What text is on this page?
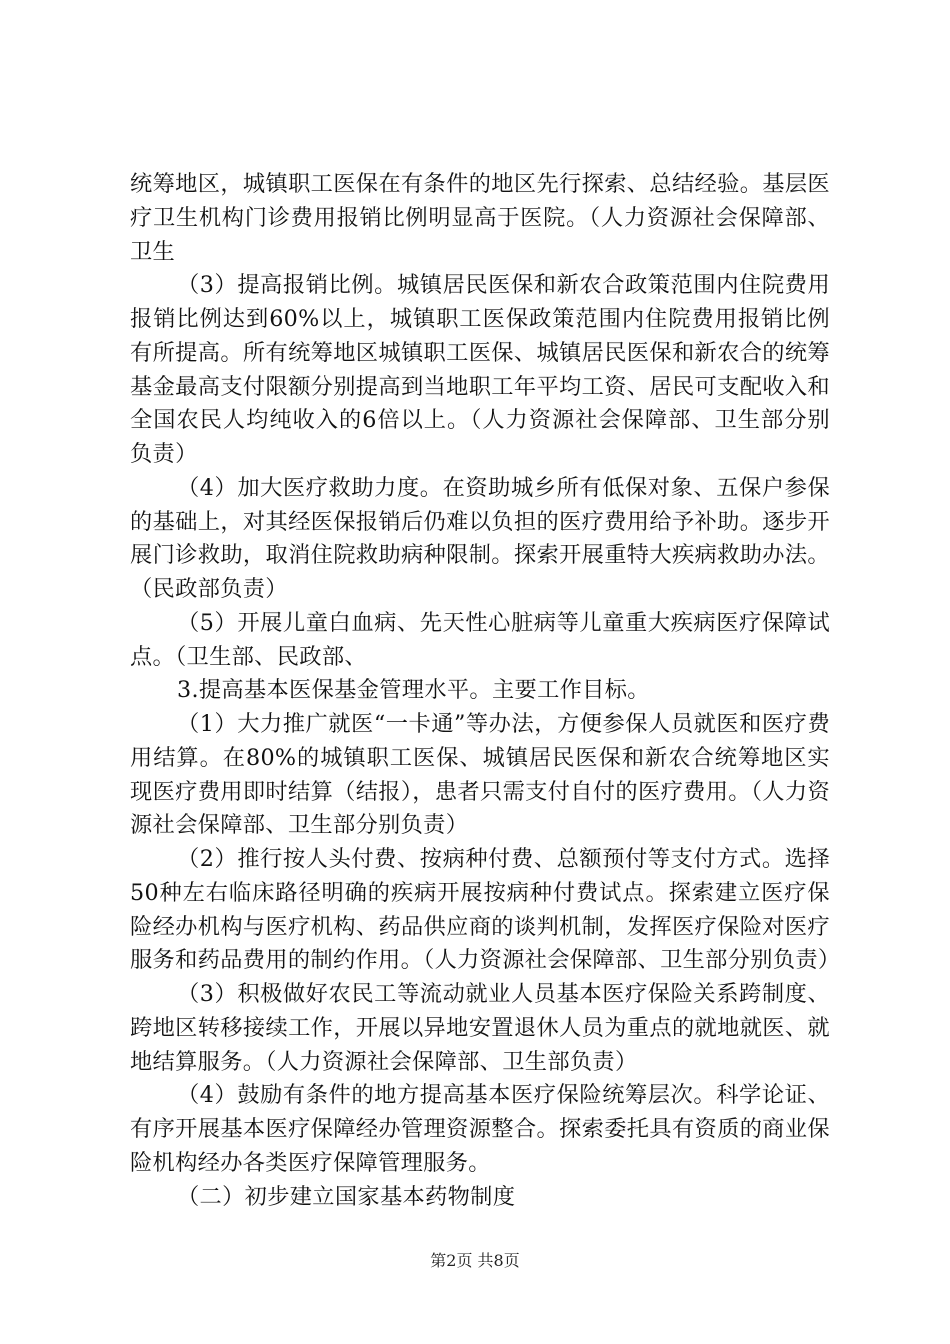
统筹地区，城镇职工医保在有条件的地区先行探索、总结经验。基层医疗卫生机构门诊费用报销比例明显高于医院。（人力资源社会保障部、卫生

（3）提高报销比例。城镇居民医保和新农合政策范围内住院费用报销比例达到60%以上，城镇职工医保政策范围内住院费用报销比例有所提高。所有统筹地区城镇职工医保、城镇居民医保和新农合的统筹基金最高支付限额分别提高到当地职工年平均工资、居民可支配收入和全国农民人均纯收入的6倍以上。（人力资源社会保障部、卫生部分别负责）

（4）加大医疗救助力度。在资助城乡所有低保对象、五保户参保的基础上，对其经医保报销后仍难以负担的医疗费用给予补助。逐步开展门诊救助，取消住院救助病种限制。探索开展重特大疾病救助办法。（民政部负责）

（5）开展儿童白血病、先天性心脏病等儿童重大疾病医疗保障试点。（卫生部、民政部、

3.提高基本医保基金管理水平。主要工作目标。

（1）大力推广就医“一卡通”等办法，方便参保人员就医和医疗费用结算。在80%的城镇职工医保、城镇居民医保和新农合统筹地区实现医疗费用即时结算（结报），患者只需支付自付的医疗费用。（人力资源社会保障部、卫生部分别负责）

（2）推行按人头付费、按病种付费、总额预付等支付方式。选择50种左右临床路径明确的疾病开展按病种付费试点。探索建立医疗保险经办机构与医疗机构、药品供应商的谈判机制，发挥医疗保险对医疗服务和药品费用的制约作用。（人力资源社会保障部、卫生部分别负责）

（3）积极做好农民工等流动就业人员基本医疗保险关系跨制度、跨地区转移接续工作，开展以异地安置退休人员为重点的就地就医、就地结算服务。（人力资源社会保障部、卫生部负责）

（4）鼓励有条件的地方提高基本医疗保险统筹层次。科学论证、有序开展基本医疗保障经办管理资源整合。探索委托具有资质的商业保险机构经办各类医疗保障管理服务。

（二）初步建立国家基本药物制度

第2页 共8页
